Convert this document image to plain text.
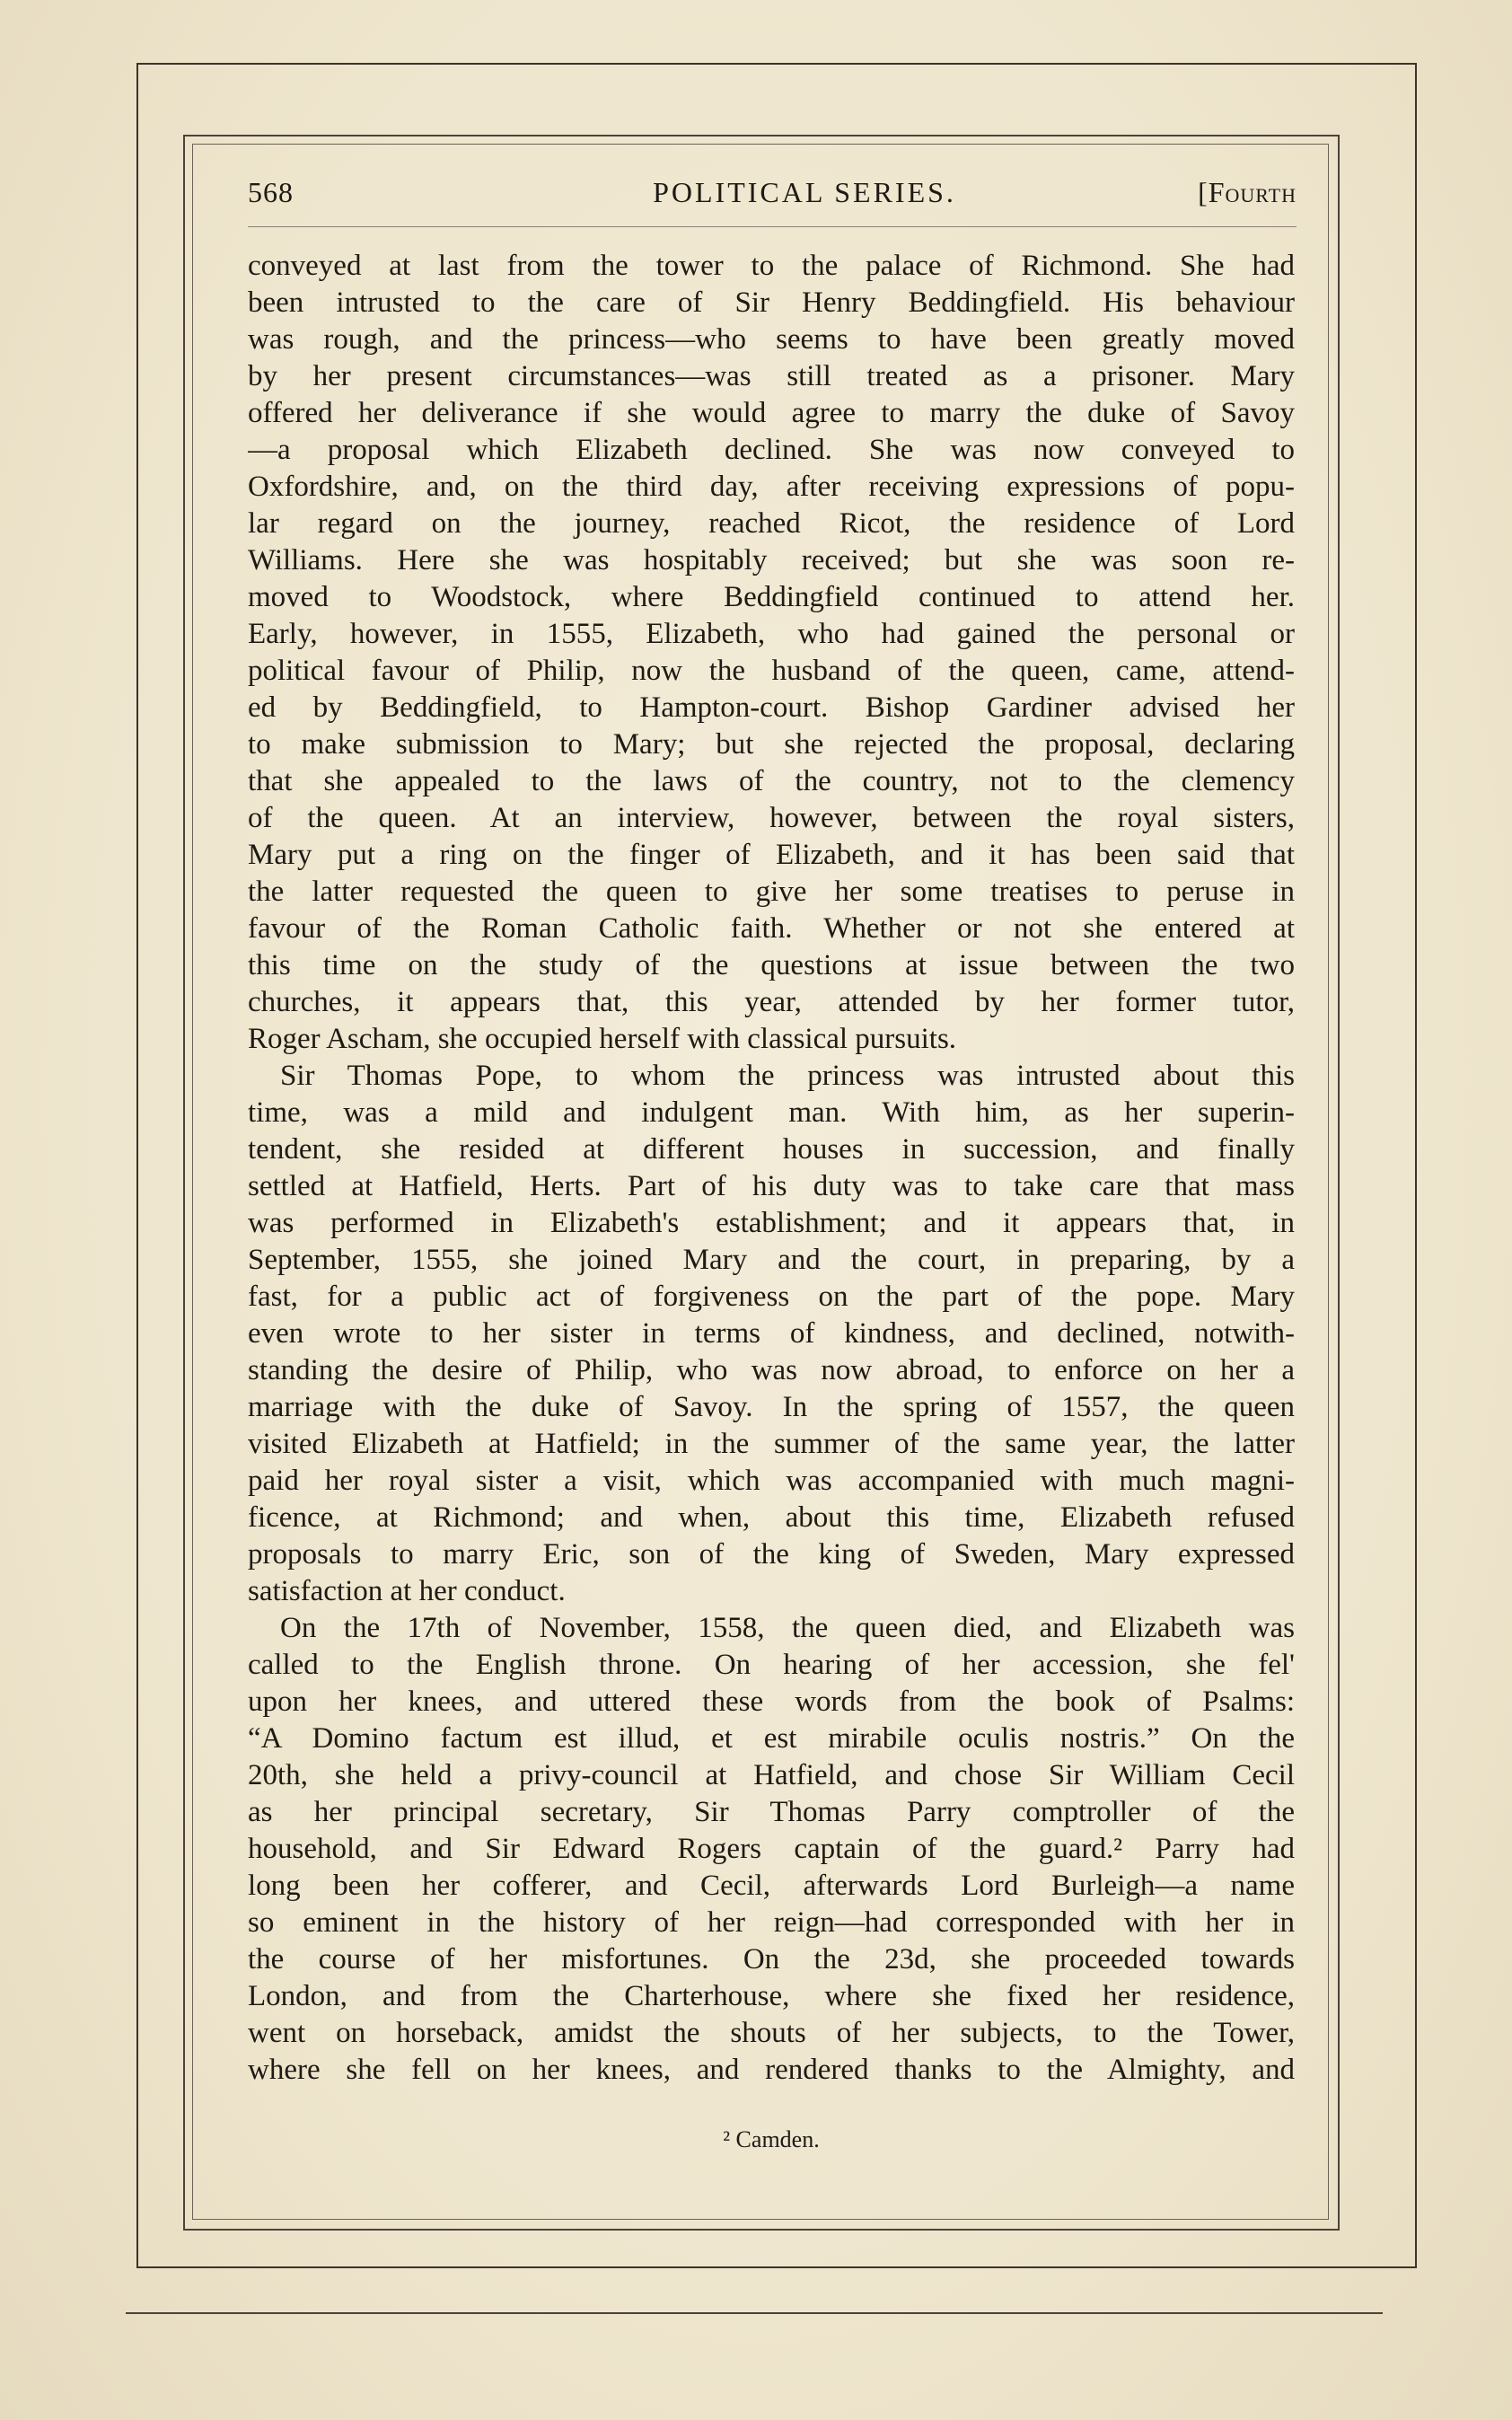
568	POLITICAL SERIES.	[Fourth
conveyed at last from the tower to the palace of Richmond. She had
been intrusted to the care of Sir Henry Beddingfield. His behaviour
was rough, and the princess—who seems to have been greatly moved
by her present circumstances—was still treated as a prisoner. Mary
offered her deliverance if she would agree to marry the duke of Savoy
—a proposal which Elizabeth declined. She was now conveyed to
Oxfordshire, and, on the third day, after receiving expressions of popu-
lar regard on the journey, reached Ricot, the residence of Lord
Williams. Here she was hospitably received; but she was soon re-
moved to Woodstock, where Beddingfield continued to attend her.
Early, however, in 1555, Elizabeth, who had gained the personal or
political favour of Philip, now the husband of the queen, came, attend-
ed by Beddingfield, to Hampton-court. Bishop Gardiner advised her
to make submission to Mary; but she rejected the proposal, declaring
that she appealed to the laws of the country, not to the clemency
of the queen. At an interview, however, between the royal sisters,
Mary put a ring on the finger of Elizabeth, and it has been said that
the latter requested the queen to give her some treatises to peruse in
favour of the Roman Catholic faith. Whether or not she entered at
this time on the study of the questions at issue between the two
churches, it appears that, this year, attended by her former tutor,
Roger Ascham, she occupied herself with classical pursuits.
Sir Thomas Pope, to whom the princess was intrusted about this
time, was a mild and indulgent man. With him, as her superin-
tendent, she resided at different houses in succession, and finally
settled at Hatfield, Herts. Part of his duty was to take care that mass
was performed in Elizabeth's establishment; and it appears that, in
September, 1555, she joined Mary and the court, in preparing, by a
fast, for a public act of forgiveness on the part of the pope. Mary
even wrote to her sister in terms of kindness, and declined, notwith-
standing the desire of Philip, who was now abroad, to enforce on her a
marriage with the duke of Savoy. In the spring of 1557, the queen
visited Elizabeth at Hatfield; in the summer of the same year, the latter
paid her royal sister a visit, which was accompanied with much magni-
ficence, at Richmond; and when, about this time, Elizabeth refused
proposals to marry Eric, son of the king of Sweden, Mary expressed
satisfaction at her conduct.
On the 17th of November, 1558, the queen died, and Elizabeth was
called to the English throne. On hearing of her accession, she fel'
upon her knees, and uttered these words from the book of Psalms:
“A Domino factum est illud, et est mirabile oculis nostris.” On the
20th, she held a privy-council at Hatfield, and chose Sir William Cecil
as her principal secretary, Sir Thomas Parry comptroller of the
household, and Sir Edward Rogers captain of the guard.² Parry had
long been her cofferer, and Cecil, afterwards Lord Burleigh—a name
so eminent in the history of her reign—had corresponded with her in
the course of her misfortunes. On the 23d, she proceeded towards
London, and from the Charterhouse, where she fixed her residence,
went on horseback, amidst the shouts of her subjects, to the Tower,
where she fell on her knees, and rendered thanks to the Almighty, and
² Camden.
